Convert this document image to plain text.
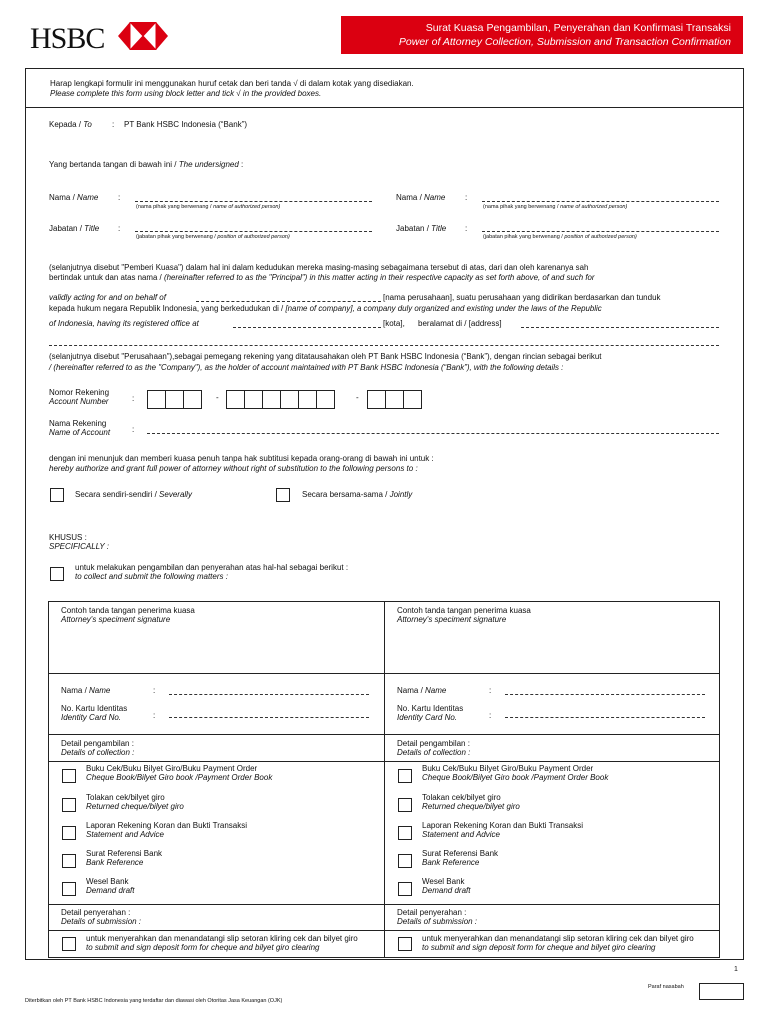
HSBC	Surat Kuasa Pengambilan, Penyerahan dan Konfirmasi Transaksi
Power of Attorney Collection, Submission and Transaction Confirmation
Harap lengkapi formulir ini menggunakan huruf cetak dan beri tanda √ di dalam kotak yang disediakan.
Please complete this form using block letter and tick √ in the provided boxes.
Kepada / To	: PT Bank HSBC Indonesia (“Bank”)
Yang bertanda tangan di bawah ini / The undersigned :
Nama / Name :
(nama pihak yang berwenang / name of authorized person)
Jabatan / Title :
(jabatan pihak yang berwenang / position of authorized person)
Nama / Name :
(nama pihak yang berwenang / name of authorized person)
Jabatan / Title :
(jabatan pihak yang berwenang / position of authorized person)
(selanjutnya disebut "Pemberi Kuasa") dalam hal ini dalam kedudukan mereka masing-masing sebagaimana tersebut di atas, dari dan oleh karenanya sah
bertindak untuk dan atas nama / (hereinafter referred to as the "Principal") in this matter acting in their respective capacity as set forth above, of and such for
validly acting for and on behalf of	[nama perusahaan], suatu perusahaan yang didirikan berdasarkan dan tunduk
kepada hukum negara Republik Indonesia, yang berkedudukan di / [name of company], a company duly organized and existing under the laws of the Republic
of Indonesia, having its registered office at	[kota], beralamat di / [address]
(selanjutnya disebut "Perusahaan"),sebagai pemegang rekening yang ditatausahakan oleh PT Bank HSBC Indonesia (“Bank”), dengan rincian sebagai berikut
/ (hereinafter referred to as the "Company"), as the holder of account maintained with PT Bank HSBC Indonesia (“Bank”), with the following details :
Nomor Rekening
Account Number	:	-	-
Nama Rekening
Name of Account	:
dengan ini menunjuk dan memberi kuasa penuh tanpa hak subtitusi kepada orang-orang di bawah ini untuk :
hereby authorize and grant full power of attorney without right of substitution to the following persons to :
Secara sendiri-sendiri / Severally	Secara bersama-sama / Jointly
KHUSUS :
SPECIFICALLY :
untuk melakukan pengambilan dan penyerahan atas hal-hal sebagai berikut :
to collect and submit the following matters :
Contoh tanda tangan penerima kuasa
Attorney's speciment signature
Nama / Name	:
No. Kartu Identitas
Identity Card No.	:
Detail pengambilan :
Details of collection :
Buku Cek/Buku Bilyet Giro/Buku Payment Order
Cheque Book/Bilyet Giro book /Payment Order Book
Tolakan cek/bilyet giro
Returned cheque/bilyet giro
Laporan Rekening Koran dan Bukti Transaksi
Statement and Advice
Surat Referensi Bank
Bank Reference
Wesel Bank
Demand draft
Detail penyerahan :
Details of submission :
untuk menyerahkan dan menandatangi slip setoran kliring cek dan bilyet giro
to submit and sign deposit form for cheque and bilyet giro clearing
Contoh tanda tangan penerima kuasa
Attorney's speciment signature
Nama / Name	:
No. Kartu Identitas
Identity Card No.	:
Detail pengambilan :
Details of collection :
Buku Cek/Buku Bilyet Giro/Buku Payment Order
Cheque Book/Bilyet Giro book /Payment Order Book
Tolakan cek/bilyet giro
Returned cheque/bilyet giro
Laporan Rekening Koran dan Bukti Transaksi
Statement and Advice
Surat Referensi Bank
Bank Reference
Wesel Bank
Demand draft
Detail penyerahan :
Details of submission :
untuk menyerahkan dan menandatangi slip setoran kliring cek dan bilyet giro
to submit and sign deposit form for cheque and bilyet giro clearing
1
Paraf nasabah
Diterbitkan oleh PT Bank HSBC Indonesia yang terdaftar dan diawasi oleh Otoritas Jasa Keuangan (OJK)
